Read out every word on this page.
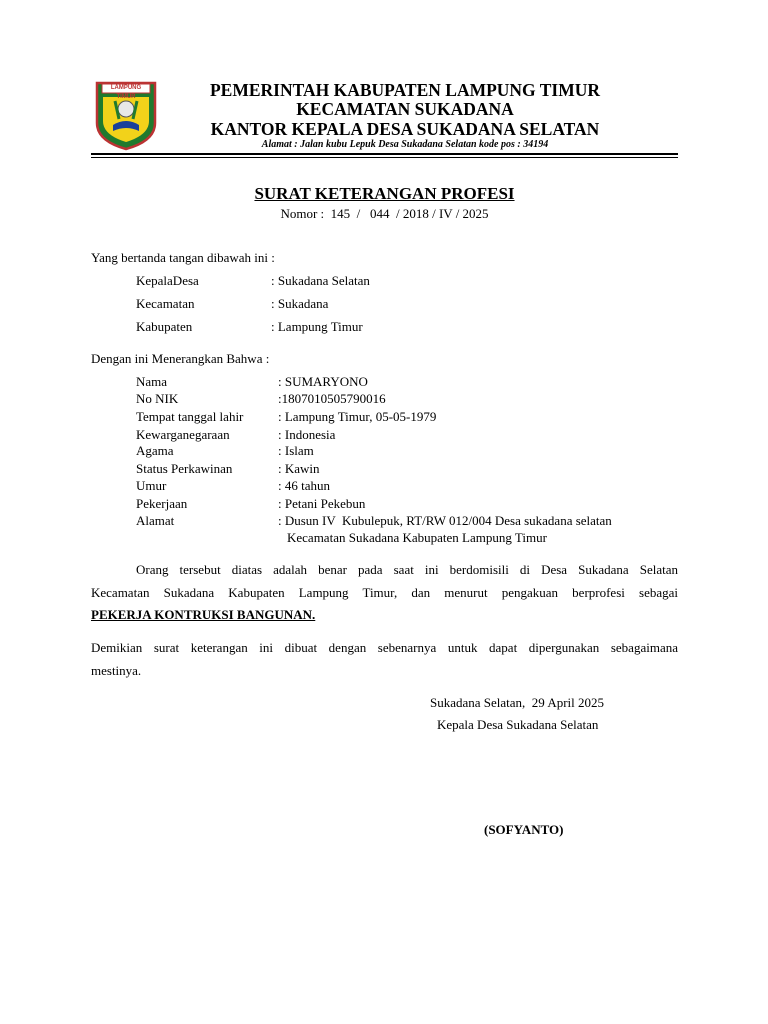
LAMPUNG TIMUR	PEMERINTAH KABUPATEN LAMPUNG TIMUR
KECAMATAN SUKADANA
KANTOR KEPALA DESA SUKADANA SELATAN
Alamat : Jalan kubu Lepuk Desa Sukadana Selatan kode pos : 34194
SURAT KETERANGAN PROFESI
Nomor :  145  /   044  / 2018 / IV / 2025
Yang bertanda tangan dibawah ini :
KepalaDesa	: Sukadana Selatan
Kecamatan	: Sukadana
Kabupaten	: Lampung Timur
Dengan ini Menerangkan Bahwa :
Nama	: SUMARYONO
No NIK	:1807010505790016
Tempat tanggal lahir	: Lampung Timur, 05-05-1979
Kewarganegaraan	: Indonesia
Agama	: Islam
Status Perkawinan	: Kawin
Umur	: 46 tahun
Pekerjaan	: Petani Pekebun
Alamat	: Dusun IV  Kubulepuk, RT/RW 012/004 Desa sukadana selatan
Kecamatan Sukadana Kabupaten Lampung Timur
Orang tersebut diatas adalah benar pada saat ini berdomisili di Desa Sukadana Selatan
Kecamatan Sukadana Kabupaten Lampung Timur, dan menurut pengakuan berprofesi sebagai
PEKERJA KONTRUKSI BANGUNAN.
Demikian surat keterangan ini dibuat dengan sebenarnya untuk dapat dipergunakan sebagaimana
mestinya.
Sukadana Selatan,  29 April 2025
Kepala Desa Sukadana Selatan
(SOFYANTO)
